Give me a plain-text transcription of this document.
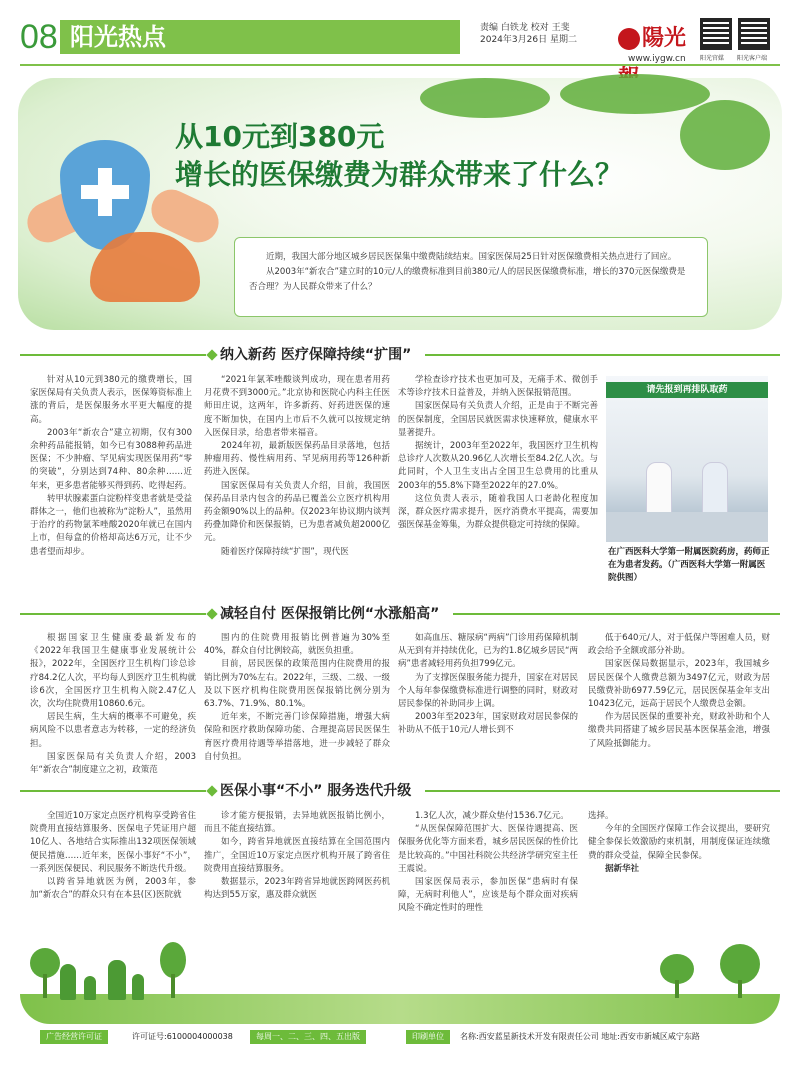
08 阳光热点	责编 白铁龙 校对 王斐
2024年3月26日 星期二	陽光
www.iygw.cn 阳光官媒 阳光客户端
从10元到380元
增长的医保缴费为群众带来了什么？

近期，我国大部分地区城乡居民医保集中缴费陆续结束。国家医保局25日针对医保缴费相关热点进行了回应。

从2003年“新农合”建立时的10元/人的缴费标准到目前380元/人的居民医保缴费标准，增长的370元医保缴费是否合理？为人民群众带来了什么？

纳入新药 医疗保障持续“扩围”

针对从10元到380元的缴费增长，国家医保局有关负责人表示，医保筹资标准上涨的背后，是医保服务水平更大幅度的提高。

2003年“新农合”建立初期，仅有300余种药品能报销，如今已有3088种药品进医保；不少肿瘤、罕见病实现医保用药“零的突破”，分别达到74种、80余种……近年来，更多患者能够买得到药、吃得起药。

转甲状腺素蛋白淀粉样变患者就是受益群体之一，他们也被称为“淀粉人”，虽然用于治疗的药物氯苯唑酸2020年就已在国内上市，但每盒的价格却高达6万元，让不少患者望而却步。

“2021年氯苯唑酸谈判成功，现在患者用药月花费不到3000元。”北京协和医院心内科主任医师田庄说，这两年，许多新药、好药进医保的速度不断加快，在国内上市后不久就可以按规定纳入医保目录，给患者带来福音。

2024年初，最新版医保药品目录落地，包括肿瘤用药、慢性病用药、罕见病用药等126种新药进入医保。

国家医保局有关负责人介绍，目前，我国医保药品目录内包含的药品已覆盖公立医疗机构用药金额90%以上的品种。仅2023年协议期内谈判药叠加降价和医保报销，已为患者减负超2000亿元。

随着医疗保障持续“扩围”，现代医

学检查诊疗技术也更加可及，无痛手术、微创手术等诊疗技术日益普及，并纳入医保报销范围。

国家医保局有关负责人介绍，正是由于不断完善的医保制度，全国居民就医需求快速释放，健康水平显著提升。

据统计，2003年至2022年，我国医疗卫生机构总诊疗人次数从20.96亿人次增长至84.2亿人次。与此同时，个人卫生支出占全国卫生总费用的比重从2003年的55.8%下降至2022年的27.0%。

这位负责人表示，随着我国人口老龄化程度加深，群众医疗需求提升，医疗消费水平提高，需要加强医保基金筹集，为群众提供稳定可持续的保障。

请先报到再排队取药
在广西医科大学第一附属医院药房，药师正在为患者发药。（广西医科大学第一附属医院供图）
减轻自付 医保报销比例“水涨船高”

根据国家卫生健康委最新发布的《2022年我国卫生健康事业发展统计公报》，2022年，全国医疗卫生机构门诊总诊疗84.2亿人次，平均每人到医疗卫生机构就诊6次，全国医疗卫生机构入院2.47亿人次，次均住院费用10860.6元。

居民生病，生大病的概率不可避免，疾病风险不以患者意志为转移，一定的经济负担。

国家医保局有关负责人介绍，2003年“新农合”制度建立之初，政策范

围内的住院费用报销比例普遍为30%至40%，群众自付比例较高，就医负担重。

目前，居民医保的政策范围内住院费用的报销比例为70%左右。2022年，三级、二级、一级及以下医疗机构住院费用医保报销比例分别为63.7%、71.9%、80.1%。

近年来，不断完善门诊保障措施，增强大病保险和医疗救助保障功能、合理提高居民医保生育医疗费用待遇等举措落地，进一步减轻了群众自付负担。

如高血压、糖尿病“两病”门诊用药保障机制从无到有并持续优化，已为约1.8亿城乡居民“两病”患者减轻用药负担799亿元。

为了支撑医保服务能力提升，国家在对居民个人每年参保缴费标准进行调整的同时，财政对居民参保的补助同步上调。

2003年至2023年，国家财政对居民参保的补助从不低于10元/人增长到不

低于640元/人，对于低保户等困难人员，财政会给予全额或部分补助。

国家医保局数据显示，2023年，我国城乡居民医保个人缴费总额为3497亿元，财政为居民缴费补助6977.59亿元，居民医保基金年支出10423亿元，远高于居民个人缴费总金额。

作为居民医保的重要补充，财政补助和个人缴费共同搭建了城乡居民基本医保基金池，增强了风险抵御能力。

医保小事“不小” 服务迭代升级

全国近10万家定点医疗机构享受跨省住院费用直接结算服务、医保电子凭证用户超10亿人、各地结合实际推出132项医保领域便民措施……近年来，医保小事好“不小”，一系列医保便民、利民服务不断迭代升级。

以跨省异地就医为例，2003年，参加“新农合”的群众只有在本县(区)医院就

诊才能方便报销，去异地就医报销比例小，而且不能直接结算。

如今，跨省异地就医直接结算在全国范围内推广，全国近10万家定点医疗机构开展了跨省住院费用直接结算服务。

数据显示，2023年跨省异地就医跨网医药机构达到55万家，惠及群众就医

1.3亿人次，减少群众垫付1536.7亿元。

“从医保保障范围扩大、医保待遇提高、医保服务优化等方面来看，城乡居民医保的性价比是比较高的。”中国社科院公共经济学研究室主任王震说。

国家医保局表示，参加医保“患病时有保障，无病时利他人”，应该是每个群众面对疾病风险不确定性时的理性

选择。

今年的全国医疗保障工作会议提出，要研究健全参保长效激励约束机制，用制度保证连续缴费的群众受益，保障全民参保。

据新华社

广告经营许可证	许可证号:6100004000038	每周一、二、三、四、五出版	印刷单位	名称:西安蓝星新技术开发有限责任公司 地址:西安市新城区咸宁东路
